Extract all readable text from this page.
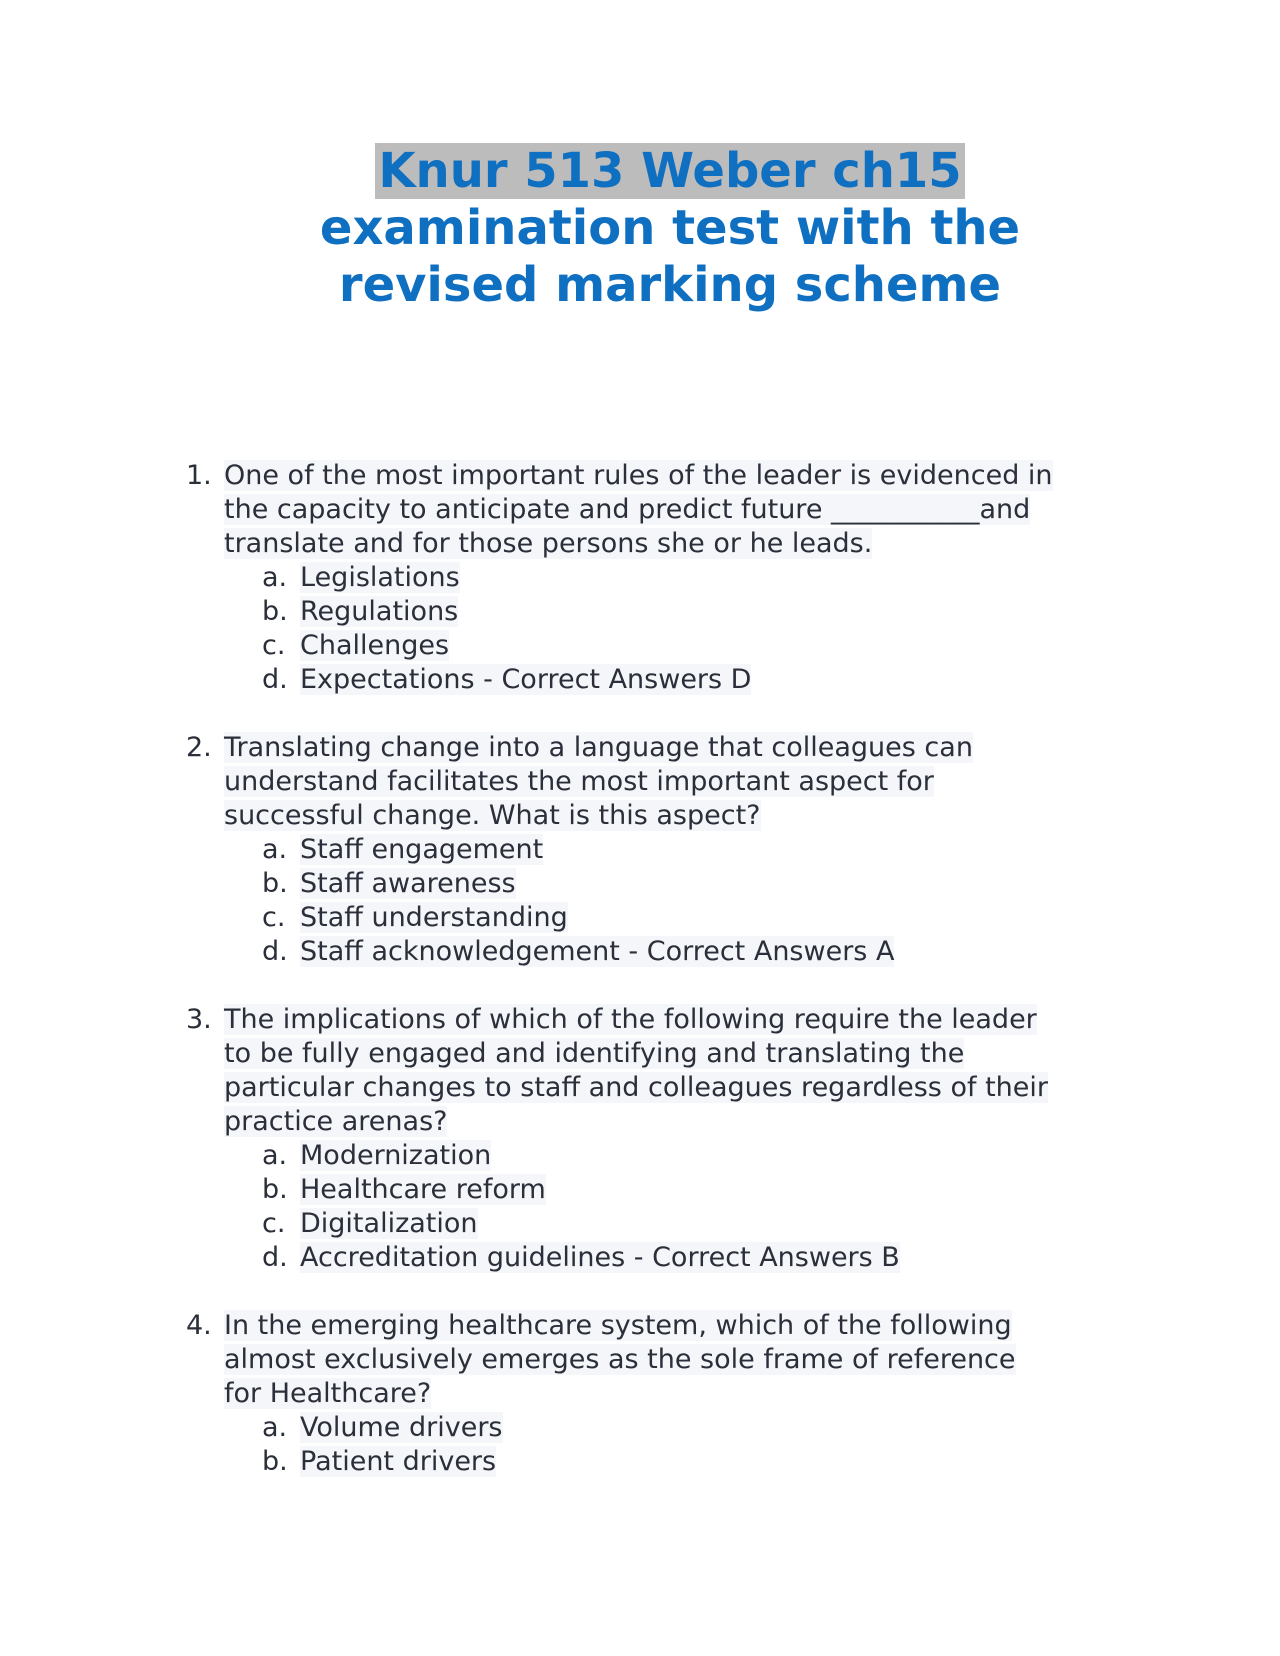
Knur 513 Weber ch15
examination test with the
revised marking scheme
1. One of the most important rules of the leader is evidenced in
the capacity to anticipate and predict future ___________and
translate and for those persons she or he leads.
a. Legislations
b. Regulations
c. Challenges
d. Expectations - Correct Answers D
2. Translating change into a language that colleagues can
understand facilitates the most important aspect for
successful change. What is this aspect?
a. Staff engagement
b. Staff awareness
c. Staff understanding
d. Staff acknowledgement - Correct Answers A
3. The implications of which of the following require the leader
to be fully engaged and identifying and translating the
particular changes to staff and colleagues regardless of their
practice arenas?
a. Modernization
b. Healthcare reform
c. Digitalization
d. Accreditation guidelines - Correct Answers B
4. In the emerging healthcare system, which of the following
almost exclusively emerges as the sole frame of reference
for Healthcare?
a. Volume drivers
b. Patient drivers
